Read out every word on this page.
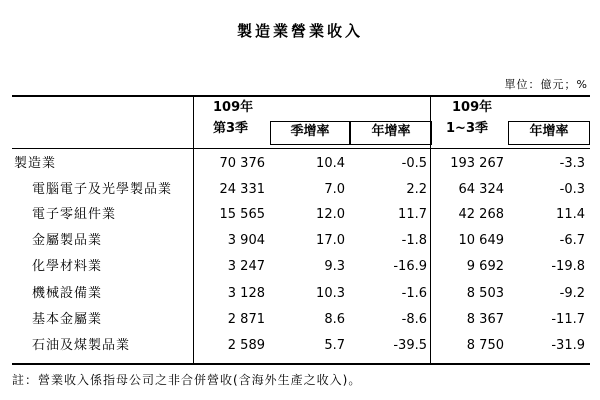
製造業營業收入
單位：億元；%
109年
第3季	季增率	年增率
109年
1~3季	年增率
製造業	70 376	10.4	-0.5	193 267	-3.3
電腦電子及光學製品業	24 331	7.0	2.2	64 324	-0.3
電子零組件業	15 565	12.0	11.7	42 268	11.4
金屬製品業	3 904	17.0	-1.8	10 649	-6.7
化學材料業	3 247	9.3	-16.9	9 692	-19.8
機械設備業	3 128	10.3	-1.6	8 503	-9.2
基本金屬業	2 871	8.6	-8.6	8 367	-11.7
石油及煤製品業	2 589	5.7	-39.5	8 750	-31.9
註：營業收入係指母公司之非合併營收(含海外生產之收入)。
